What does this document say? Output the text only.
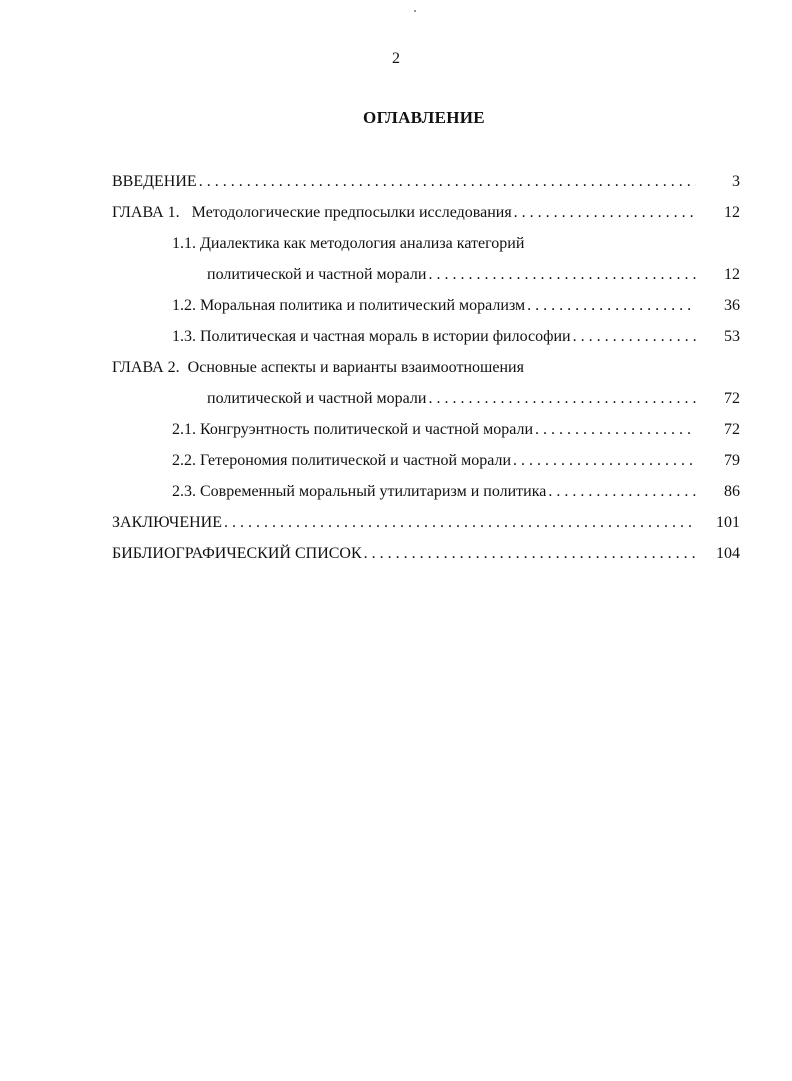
2
ОГЛАВЛЕНИЕ
ВВЕДЕНИЕ . . .	3
ГЛАВА 1.   Методологические предпосылки исследования . . .	12
1.1. Диалектика как методология анализа категорий
политической и частной морали . . .	12
1.2. Моральная политика и политический морализм . . .	36
1.3. Политическая и частная мораль в истории философии . . .	53
ГЛАВА 2.  Основные аспекты и варианты взаимоотношения
политической и частной морали . . .	72
2.1. Конгруэнтность политической и частной морали . . .	72
2.2. Гетерономия политической и частной морали . . .	79
2.3. Современный моральный утилитаризм и политика . . .	86
ЗАКЛЮЧЕНИЕ . . .	101
БИБЛИОГРАФИЧЕСКИЙ СПИСОК . . .	104
